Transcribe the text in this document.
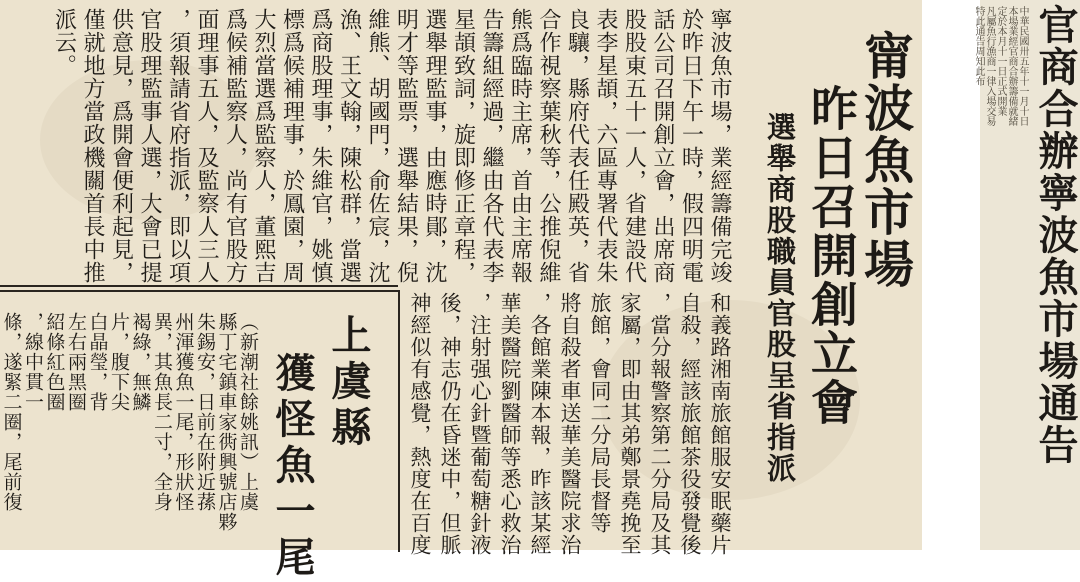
甯波魚市場
昨日召開創立會
選舉商股職員官股呈省指派
和義路湘南旅館服安眠藥片
自殺，經該旅館茶役發覺後
，當分報警察第二分局及其
家屬，即由其弟鄭景堯挽至
旅館，會同二分局長督等
將自殺者車送華美醫院求治
，各館業陳本報，昨該某經
華美醫院劉醫師等悉心救治
，注射强心針暨葡萄糖針液
後，神志仍在昏迷中，但脈
神經似有感覺，熱度在百度
寧波魚市場，業經籌備完竣
於昨日下午一時，假四明電
話公司召開創立會，出席商
股股東五十一人，省建設代
表李星頡，六區專署代表朱
良驤，縣府代表任殿英，省
合作視察葉秋等，公推倪維
熊爲臨時主席，首由主席報
告籌組經過，繼由各代表李
星頡致詞，旋即修正章程，
選舉理監事，由應時鄖，沈
明才等監票，選舉結果，倪
維熊、胡國門，俞佐宸，沈
漁、王文翰，陳松群，當選
爲商股理事，朱維官，姚慎
標爲候補理事，於鳳園，周
大烈當選爲監察人，董熙吉
爲候補監察人，尚有官股方
面理事五人，及監察人三人
，須報請省府指派，即以項
官股理監事人選，大會已提
供意見，爲開會便利起見，
僅就地方當政機關首長中推
派云。
上虞縣
獲怪魚一尾
（新潮社餘姚訊）上虞
縣丁宅鎮車家衖興號店夥
朱錫安，日前在附近蓀
州渾獲魚一尾，形狀怪
異，其魚長二寸，全身
褐綠，無鱗
片，腹下尖
白晶瑩，背
左右兩黑圈
紹條紅色圈
，線中貫一
條，遂緊二圈，尾前復	官商合辦寧波魚市場通告
中華民國卅五年十一月十日
本場業經官商合辦籌備就緒
定於本月十一日正式開業
凡屬魚行漁商一律入場交易
特此通告周知此布
